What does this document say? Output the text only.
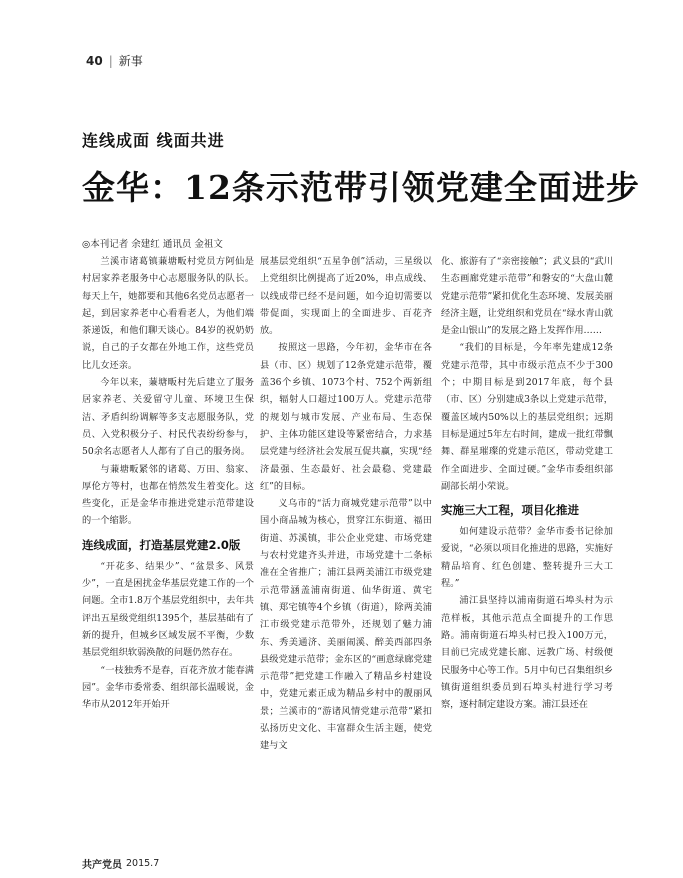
40 | 新事
连线成面 线面共进
金华：12条示范带引领党建全面进步
◎本刊记者 余建红 通讯员 金祖文

兰溪市诸葛镇蒹塘畈村党员方阿仙是村居家养老服务中心志愿服务队的队长。每天上午，她都要和其他6名党员志愿者一起，到居家养老中心看看老人，为他们端茶递饭，和他们聊天谈心。84岁的祝奶奶说，自己的子女都在外地工作，这些党员比儿女还亲。

今年以来，蒹塘畈村先后建立了服务居家养老、关爱留守儿童、环境卫生保洁、矛盾纠纷调解等多支志愿服务队，党员、入党积极分子、村民代表纷纷参与，50余名志愿者人人都有了自己的服务岗。

与蒹塘畈紧邻的诸葛、万田、翁家、厚伦方等村，也都在悄然发生着变化。这些变化，正是金华市推进党建示范带建设的一个缩影。

连线成面，打造基层党建2.0版

“开花多、结果少”、“盆景多、风景少”，一直是困扰金华基层党建工作的一个问题。全市1.8万个基层党组织中，去年共评出五星级党组织1395个，基层基础有了新的提升，但城乡区域发展不平衡，少数基层党组织软弱涣散的问题仍然存在。

“一枝独秀不是春，百花齐放才能春满园”。金华市委常委、组织部长温暖说，金华市从2012年开始开

展基层党组织“五星争创”活动，三星级以上党组织比例提高了近20%，串点成线、以线成带已经不是问题，如今迫切需要以带促面，实现面上的全面进步、百花齐放。

按照这一思路，今年初，金华市在各县（市、区）规划了12条党建示范带，覆盖36个乡镇、1073个村、752个两新组织，辐射人口超过100万人。党建示范带的规划与城市发展、产业布局、生态保护、主体功能区建设等紧密结合，力求基层党建与经济社会发展互促共赢，实现“经济最强、生态最好、社会最稳、党建最红”的目标。

义乌市的“活力商城党建示范带”以中国小商品城为核心，贯穿江东街道、福田街道、苏溪镇，非公企业党建、市场党建与农村党建齐头并进，市场党建十二条标准在全省推广；浦江县两美浦江市级党建示范带涵盖浦南街道、仙华街道、黄宅镇、郑宅镇等4个乡镇（街道），除两美浦江市级党建示范带外，还规划了魅力浦东、秀美通济、美丽闹溪、醉美西部四条县级党建示范带；金东区的“画意绿廊党建示范带”把党建工作融入了精品乡村建设中，党建元素正成为精品乡村中的靓丽风景；兰溪市的“游诸风情党建示范带”紧扣弘扬历史文化、丰富群众生活主题，使党建与文

化、旅游有了“亲密接触”；武义县的“武川生态画廊党建示范带”和磐安的“大盘山麓党建示范带”紧扣优化生态环境、发展美丽经济主题，让党组织和党员在“绿水青山就是金山银山”的发展之路上发挥作用……

“我们的目标是，今年率先建成12条党建示范带，其中市级示范点不少于300个；中期目标是到2017年底，每个县（市、区）分别建成3条以上党建示范带，覆盖区域内50%以上的基层党组织；远期目标是通过5年左右时间，建成一批红带飘舞、群星璀璨的党建示范区，带动党建工作全面进步、全面过硬。”金华市委组织部副部长胡小荣说。

实施三大工程，项目化推进

如何建设示范带？金华市委书记徐加爱说，“必须以项目化推进的思路，实施好精品培育、红色创建、整转提升三大工程。”

浦江县坚持以浦南街道石埠头村为示范样板，其他示范点全面提升的工作思路。浦南街道石埠头村已投入100万元，目前已完成党建长廊、远教广场、村级便民服务中心等工作。5月中旬已召集组织乡镇街道组织委员到石埠头村进行学习考察，逐村制定建设方案。浦江县还在

共产党员 2015.7
